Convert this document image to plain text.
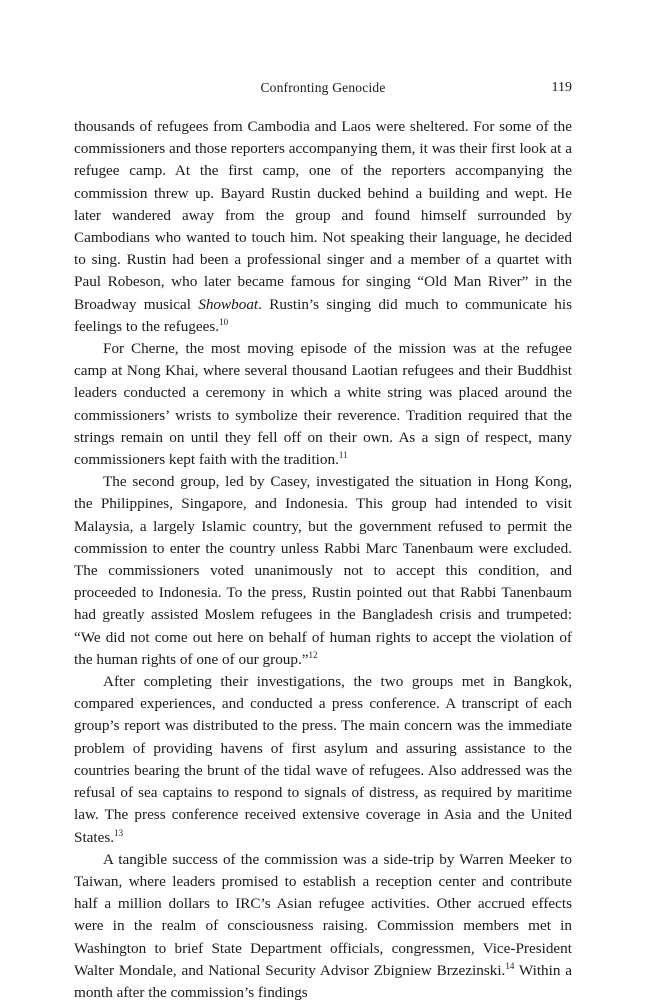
Confronting Genocide	119

thousands of refugees from Cambodia and Laos were sheltered. For some of the commissioners and those reporters accompanying them, it was their first look at a refugee camp. At the first camp, one of the reporters accompanying the commission threw up. Bayard Rustin ducked behind a building and wept. He later wandered away from the group and found himself surrounded by Cambodians who wanted to touch him. Not speaking their language, he decided to sing. Rustin had been a professional singer and a member of a quartet with Paul Robeson, who later became famous for singing “Old Man River” in the Broadway musical Showboat. Rustin’s singing did much to communicate his feelings to the refugees.$^{10}$

For Cherne, the most moving episode of the mission was at the refugee camp at Nong Khai, where several thousand Laotian refugees and their Buddhist leaders conducted a ceremony in which a white string was placed around the commissioners’ wrists to symbolize their reverence. Tradition required that the strings remain on until they fell off on their own. As a sign of respect, many commissioners kept faith with the tradition.$^{11}$

The second group, led by Casey, investigated the situation in Hong Kong, the Philippines, Singapore, and Indonesia. This group had intended to visit Malaysia, a largely Islamic country, but the government refused to permit the commission to enter the country unless Rabbi Marc Tanenbaum were excluded. The commissioners voted unanimously not to accept this condition, and proceeded to Indonesia. To the press, Rustin pointed out that Rabbi Tanenbaum had greatly assisted Moslem refugees in the Bangladesh crisis and trumpeted: “We did not come out here on behalf of human rights to accept the violation of the human rights of one of our group.”$^{12}$

After completing their investigations, the two groups met in Bangkok, compared experiences, and conducted a press conference. A transcript of each group’s report was distributed to the press. The main concern was the immediate problem of providing havens of first asylum and assuring assistance to the countries bearing the brunt of the tidal wave of refugees. Also addressed was the refusal of sea captains to respond to signals of distress, as required by maritime law. The press conference received extensive coverage in Asia and the United States.$^{13}$

A tangible success of the commission was a side-trip by Warren Meeker to Taiwan, where leaders promised to establish a reception center and contribute half a million dollars to IRC’s Asian refugee activities. Other accrued effects were in the realm of consciousness raising. Commission members met in Washington to brief State Department officials, congressmen, Vice-President Walter Mondale, and National Security Advisor Zbigniew Brzezinski.$^{14}$ Within a month after the commission’s findings
